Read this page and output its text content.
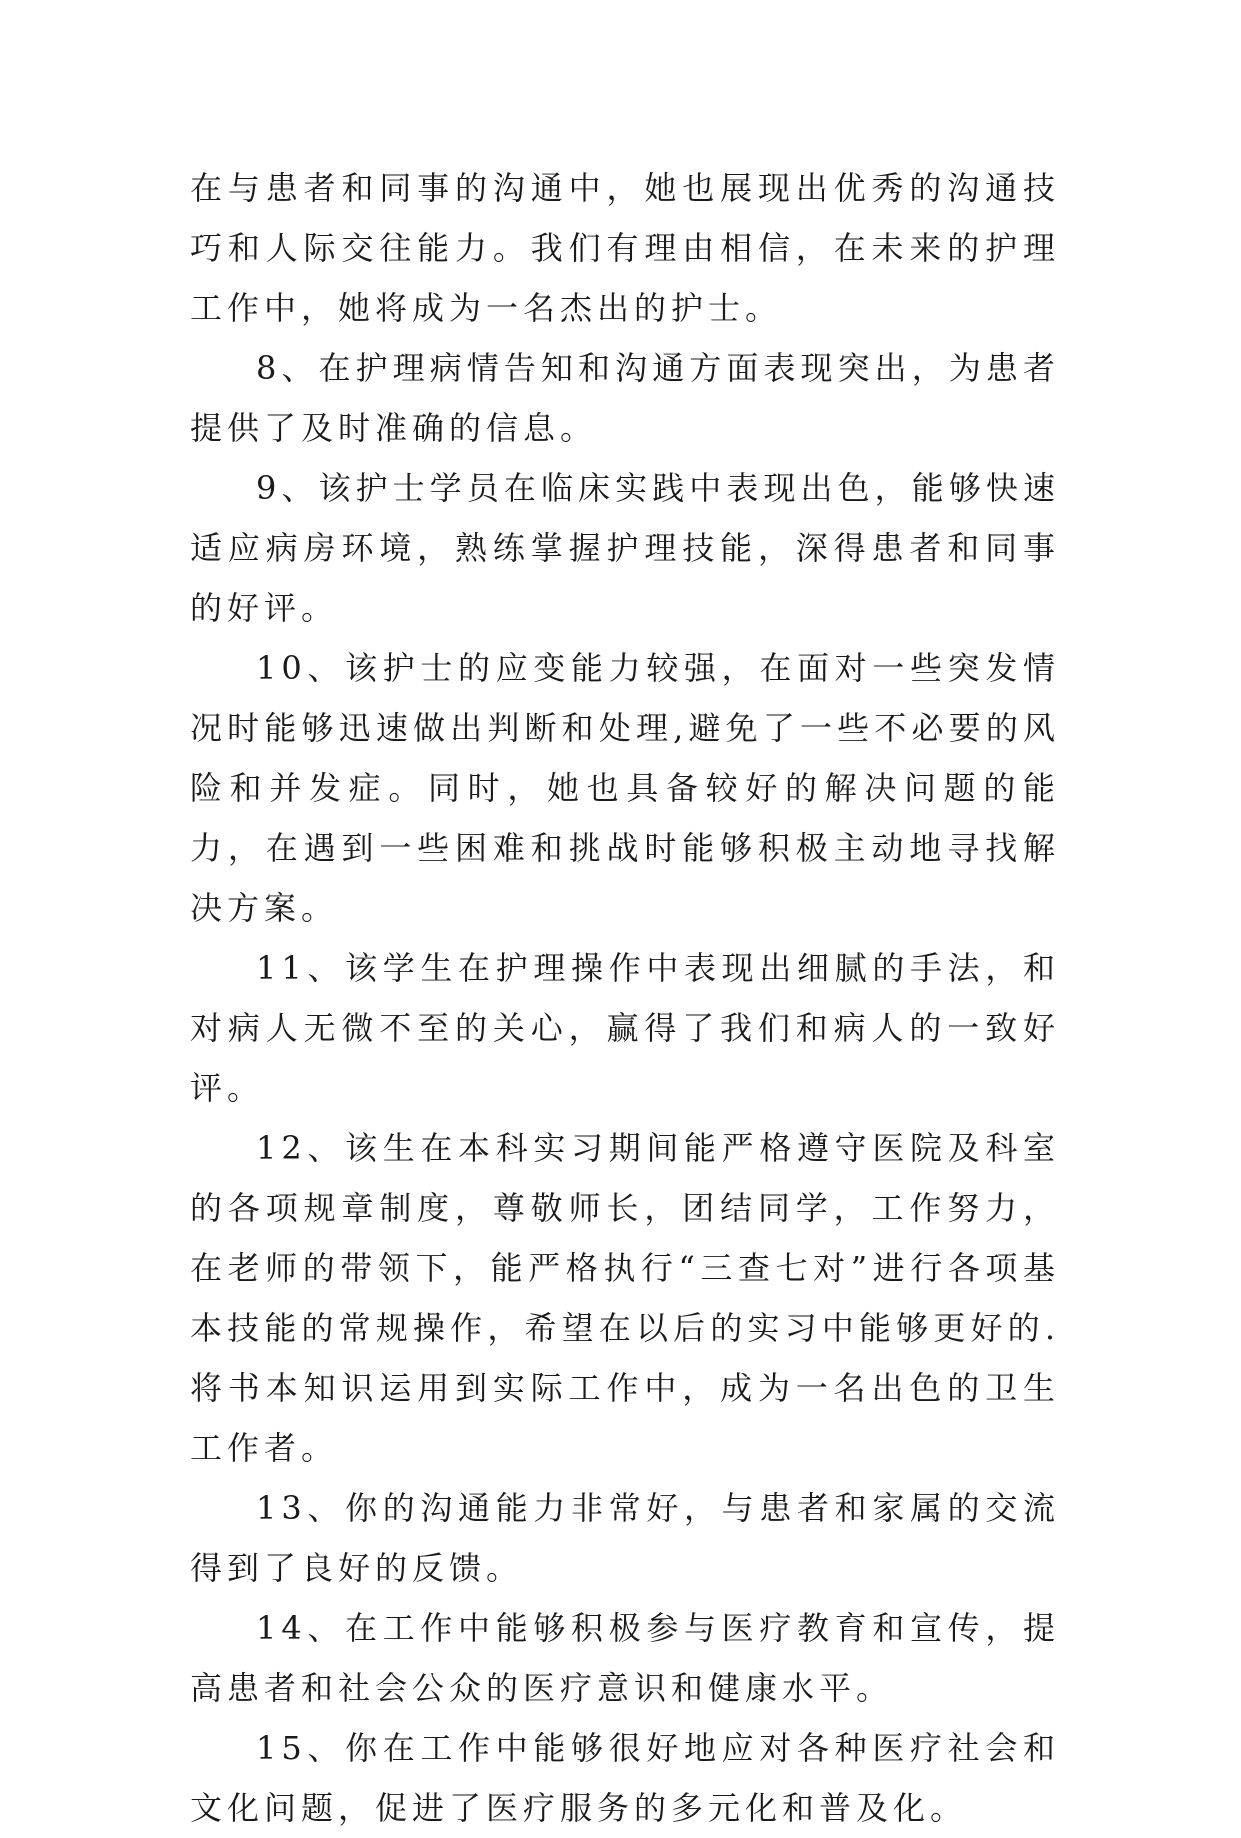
在与患者和同事的沟通中，她也展现出优秀的沟通技巧和人际交往能力。我们有理由相信，在未来的护理工作中，她将成为一名杰出的护士。

8、在护理病情告知和沟通方面表现突出，为患者提供了及时准确的信息。

9、该护士学员在临床实践中表现出色，能够快速适应病房环境，熟练掌握护理技能，深得患者和同事的好评。

10、该护士的应变能力较强，在面对一些突发情况时能够迅速做出判断和处理,避免了一些不必要的风险和并发症。同时，她也具备较好的解决问题的能力，在遇到一些困难和挑战时能够积极主动地寻找解决方案。

11、该学生在护理操作中表现出细腻的手法，和对病人无微不至的关心，赢得了我们和病人的一致好评。

12、该生在本科实习期间能严格遵守医院及科室的各项规章制度，尊敬师长，团结同学，工作努力，在老师的带领下，能严格执行“三查七对”进行各项基本技能的常规操作，希望在以后的实习中能够更好的.将书本知识运用到实际工作中，成为一名出色的卫生工作者。

13、你的沟通能力非常好，与患者和家属的交流得到了良好的反馈。

14、在工作中能够积极参与医疗教育和宣传，提高患者和社会公众的医疗意识和健康水平。

15、你在工作中能够很好地应对各种医疗社会和文化问题，促进了医疗服务的多元化和普及化。
